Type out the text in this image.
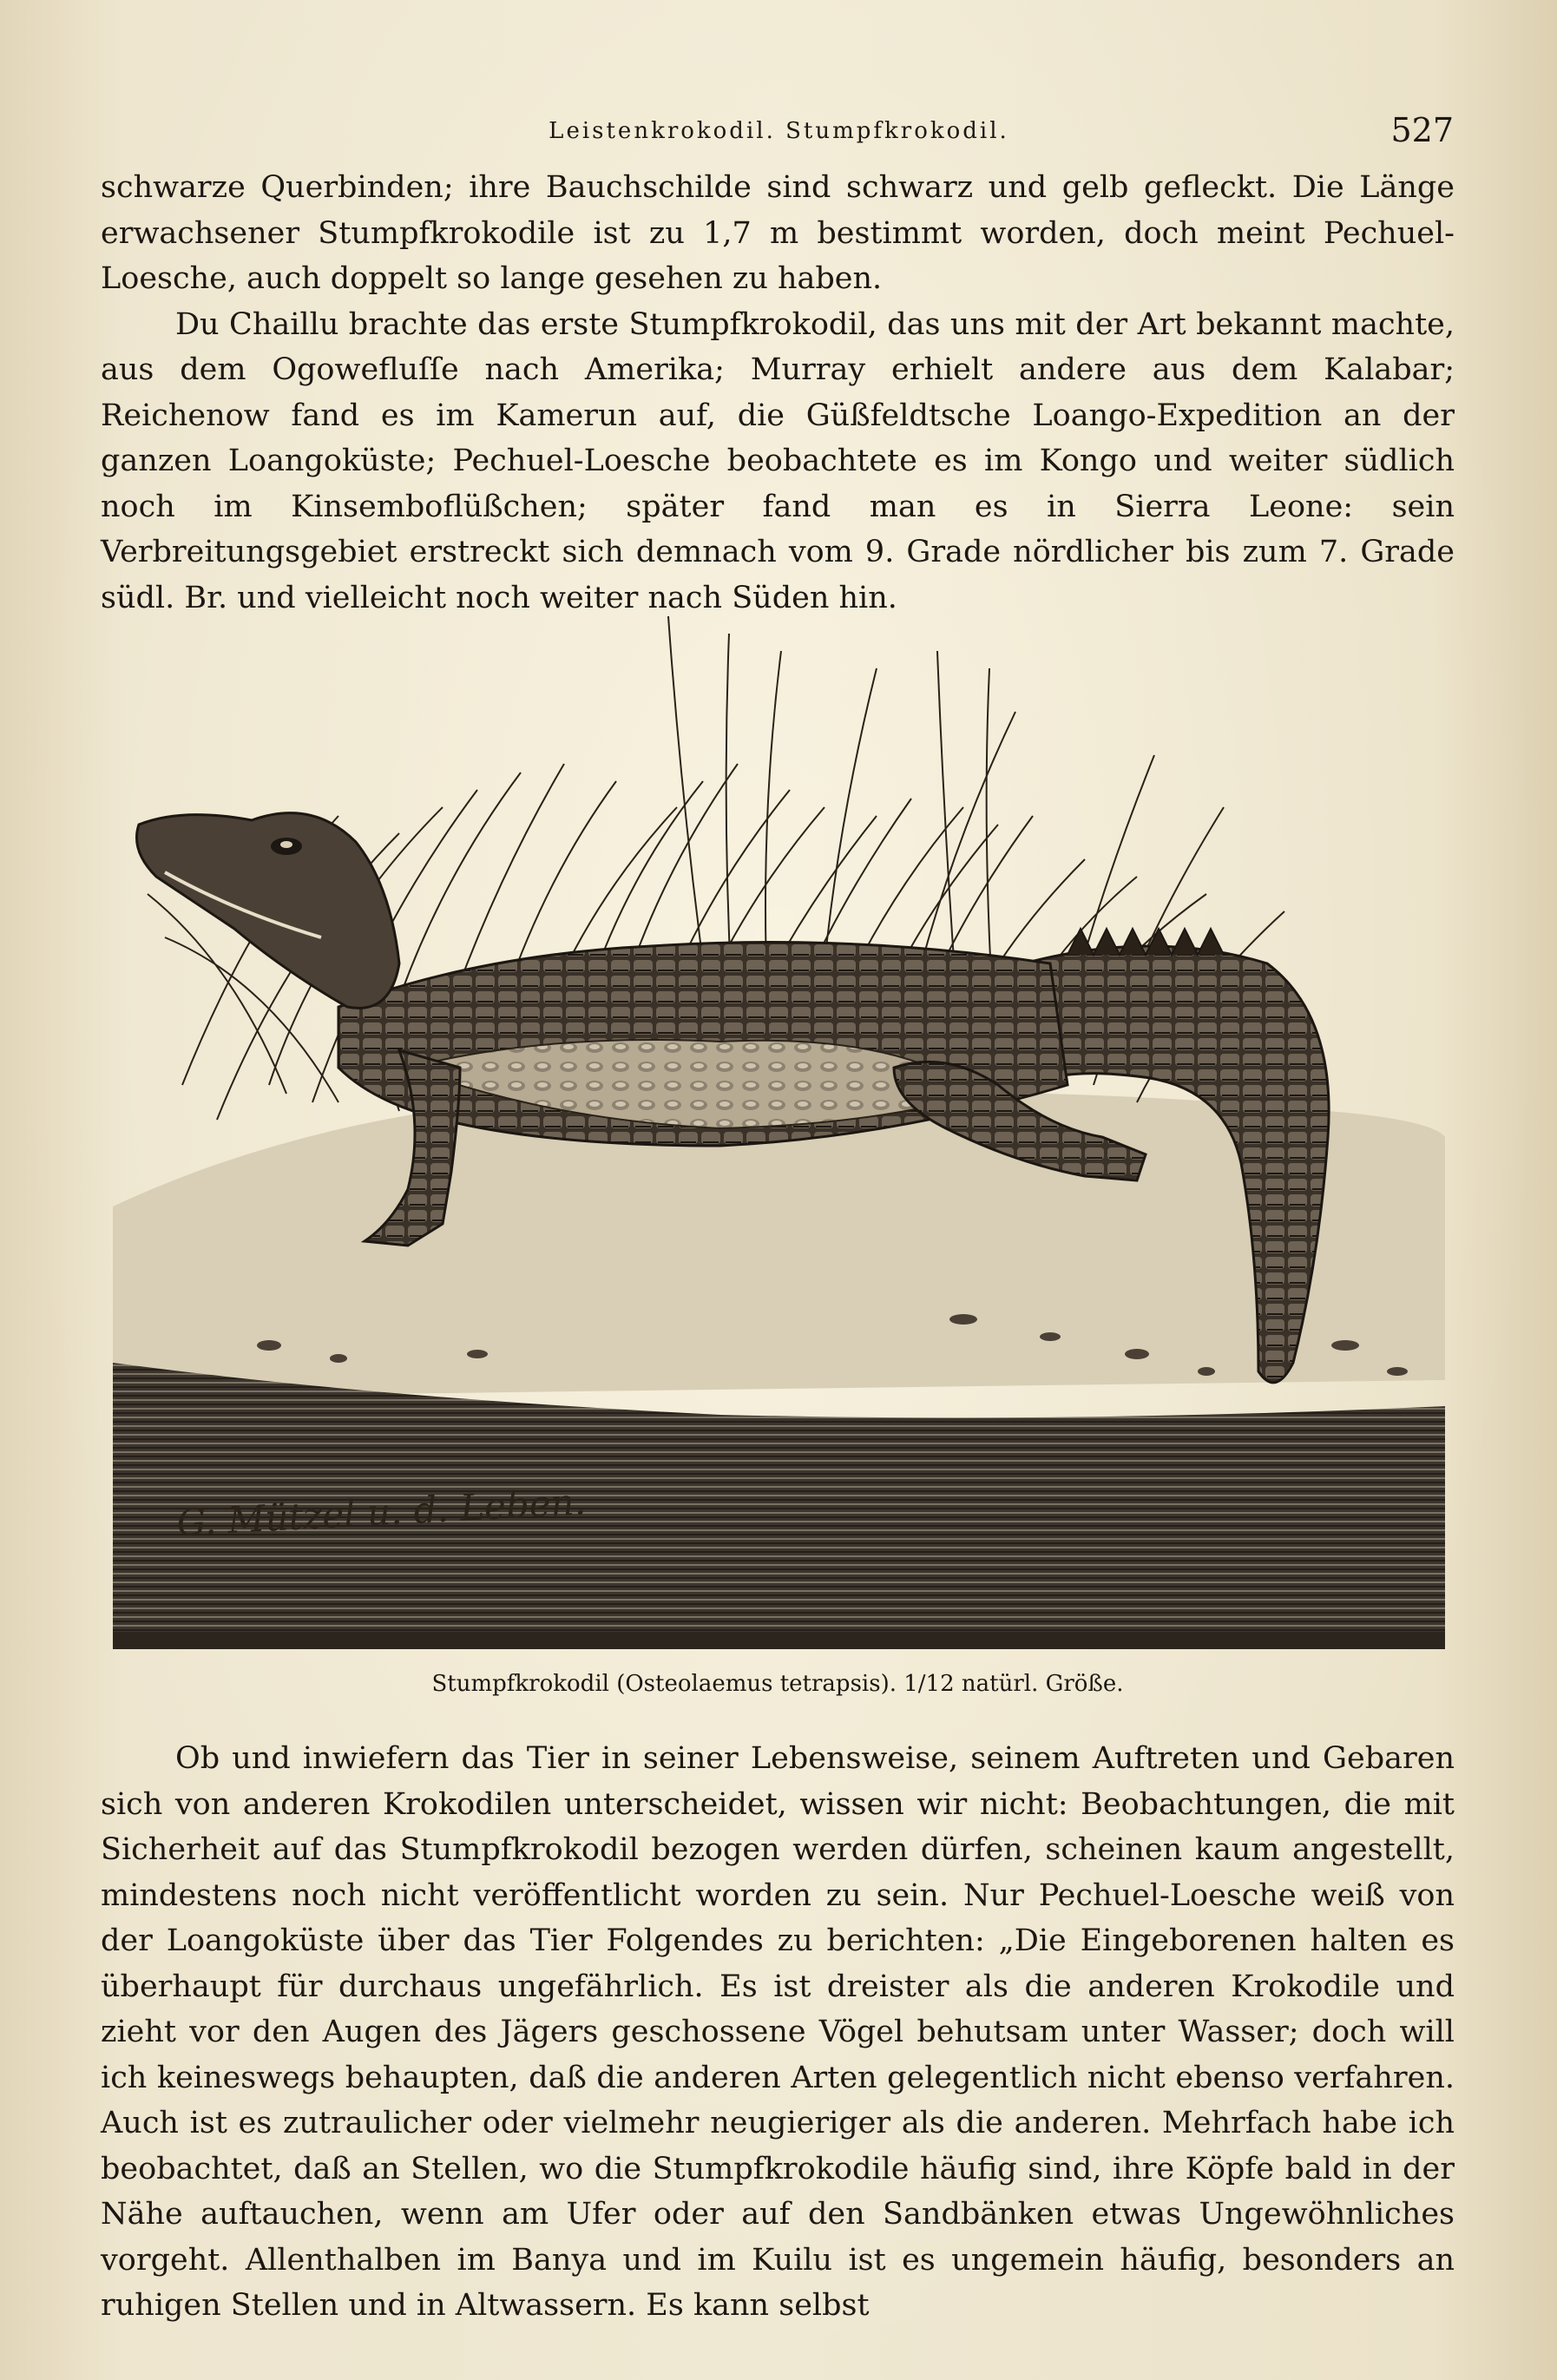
Leistenkrokodil. Stumpfkrokodil.	527

schwarze Querbinden; ihre Bauchschilde sind schwarz und gelb gefleckt. Die Länge erwachsener Stumpfkrokodile ist zu 1,7 m bestimmt worden, doch meint Pechuel-Loesche, auch doppelt so lange gesehen zu haben.

Du Chaillu brachte das erste Stumpfkrokodil, das uns mit der Art bekannt machte, aus dem Ogowefluſſe nach Amerika; Murray erhielt andere aus dem Kalabar; Reichenow fand es im Kamerun auf, die Güßfeldtsche Loango-Expedition an der ganzen Loangoküste; Pechuel-Loesche beobachtete es im Kongo und weiter südlich noch im Kinsemboflüßchen; später fand man es in Sierra Leone: sein Verbreitungsgebiet erstreckt sich demnach vom 9. Grade nördlicher bis zum 7. Grade südl. Br. und vielleicht noch weiter nach Süden hin.

G. Mützel u. d. Leben.
Stumpfkrokodil (Osteolaemus tetrapsis). 1/12 natürl. Größe.

Ob und inwiefern das Tier in seiner Lebensweise, seinem Auftreten und Gebaren sich von anderen Krokodilen unterscheidet, wissen wir nicht: Beobachtungen, die mit Sicherheit auf das Stumpfkrokodil bezogen werden dürfen, scheinen kaum angestellt, mindestens noch nicht veröffentlicht worden zu sein. Nur Pechuel-Loesche weiß von der Loangoküste über das Tier Folgendes zu berichten: „Die Eingeborenen halten es überhaupt für durchaus ungefährlich. Es ist dreister als die anderen Krokodile und zieht vor den Augen des Jägers geschossene Vögel behutsam unter Wasser; doch will ich keineswegs behaupten, daß die anderen Arten gelegentlich nicht ebenso verfahren. Auch ist es zutraulicher oder vielmehr neugieriger als die anderen. Mehrfach habe ich beobachtet, daß an Stellen, wo die Stumpfkrokodile häufig sind, ihre Köpfe bald in der Nähe auftauchen, wenn am Ufer oder auf den Sandbänken etwas Ungewöhnliches vorgeht. Allenthalben im Banya und im Kuilu ist es ungemein häufig, besonders an ruhigen Stellen und in Altwassern. Es kann selbst
